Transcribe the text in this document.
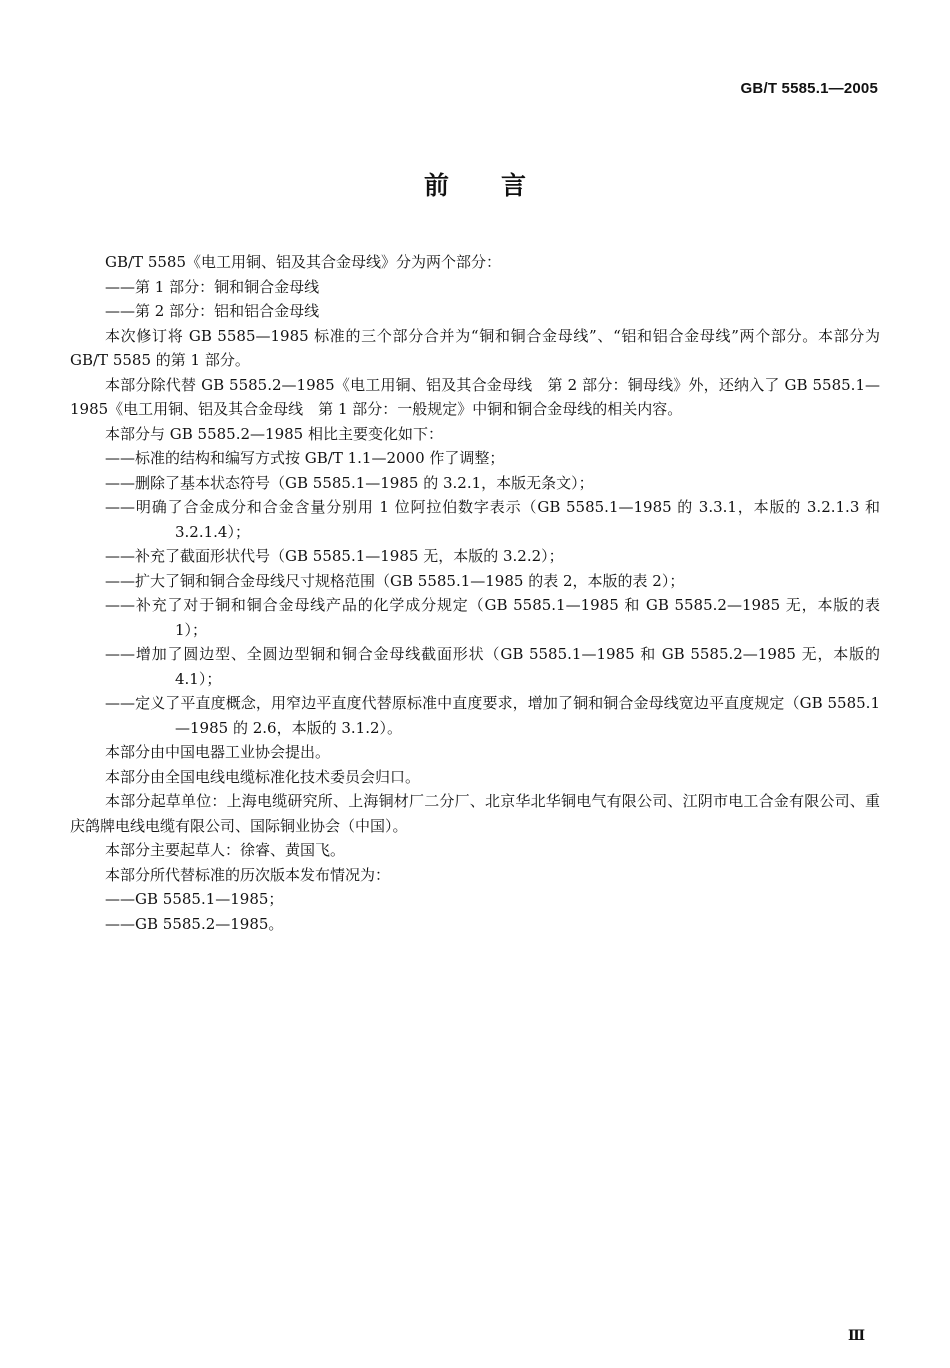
GB/T 5585.1—2005
前言

GB/T 5585《电工用铜、铝及其合金母线》分为两个部分：

——第 1 部分：铜和铜合金母线

——第 2 部分：铝和铝合金母线

本次修订将 GB 5585—1985 标准的三个部分合并为“铜和铜合金母线”、“铝和铝合金母线”两个部分。本部分为 GB/T 5585 的第 1 部分。

本部分除代替 GB 5585.2—1985《电工用铜、铝及其合金母线　第 2 部分：铜母线》外，还纳入了 GB 5585.1—1985《电工用铜、铝及其合金母线　第 1 部分：一般规定》中铜和铜合金母线的相关内容。

本部分与 GB 5585.2—1985 相比主要变化如下：

——标准的结构和编写方式按 GB/T 1.1—2000 作了调整；

——删除了基本状态符号（GB 5585.1—1985 的 3.2.1，本版无条文）；

——明确了合金成分和合金含量分别用 1 位阿拉伯数字表示（GB 5585.1—1985 的 3.3.1，本版的 3.2.1.3 和 3.2.1.4）；

——补充了截面形状代号（GB 5585.1—1985 无，本版的 3.2.2）；

——扩大了铜和铜合金母线尺寸规格范围（GB 5585.1—1985 的表 2，本版的表 2）；

——补充了对于铜和铜合金母线产品的化学成分规定（GB 5585.1—1985 和 GB 5585.2—1985 无，本版的表 1）；

——增加了圆边型、全圆边型铜和铜合金母线截面形状（GB 5585.1—1985 和 GB 5585.2—1985 无，本版的 4.1）；

——定义了平直度概念，用窄边平直度代替原标准中直度要求，增加了铜和铜合金母线宽边平直度规定（GB 5585.1—1985 的 2.6，本版的 3.1.2）。

本部分由中国电器工业协会提出。

本部分由全国电线电缆标准化技术委员会归口。

本部分起草单位：上海电缆研究所、上海铜材厂二分厂、北京华北华铜电气有限公司、江阴市电工合金有限公司、重庆鸽牌电线电缆有限公司、国际铜业协会（中国）。

本部分主要起草人：徐睿、黄国飞。

本部分所代替标准的历次版本发布情况为：

——GB 5585.1—1985；

——GB 5585.2—1985。

Ⅲ
